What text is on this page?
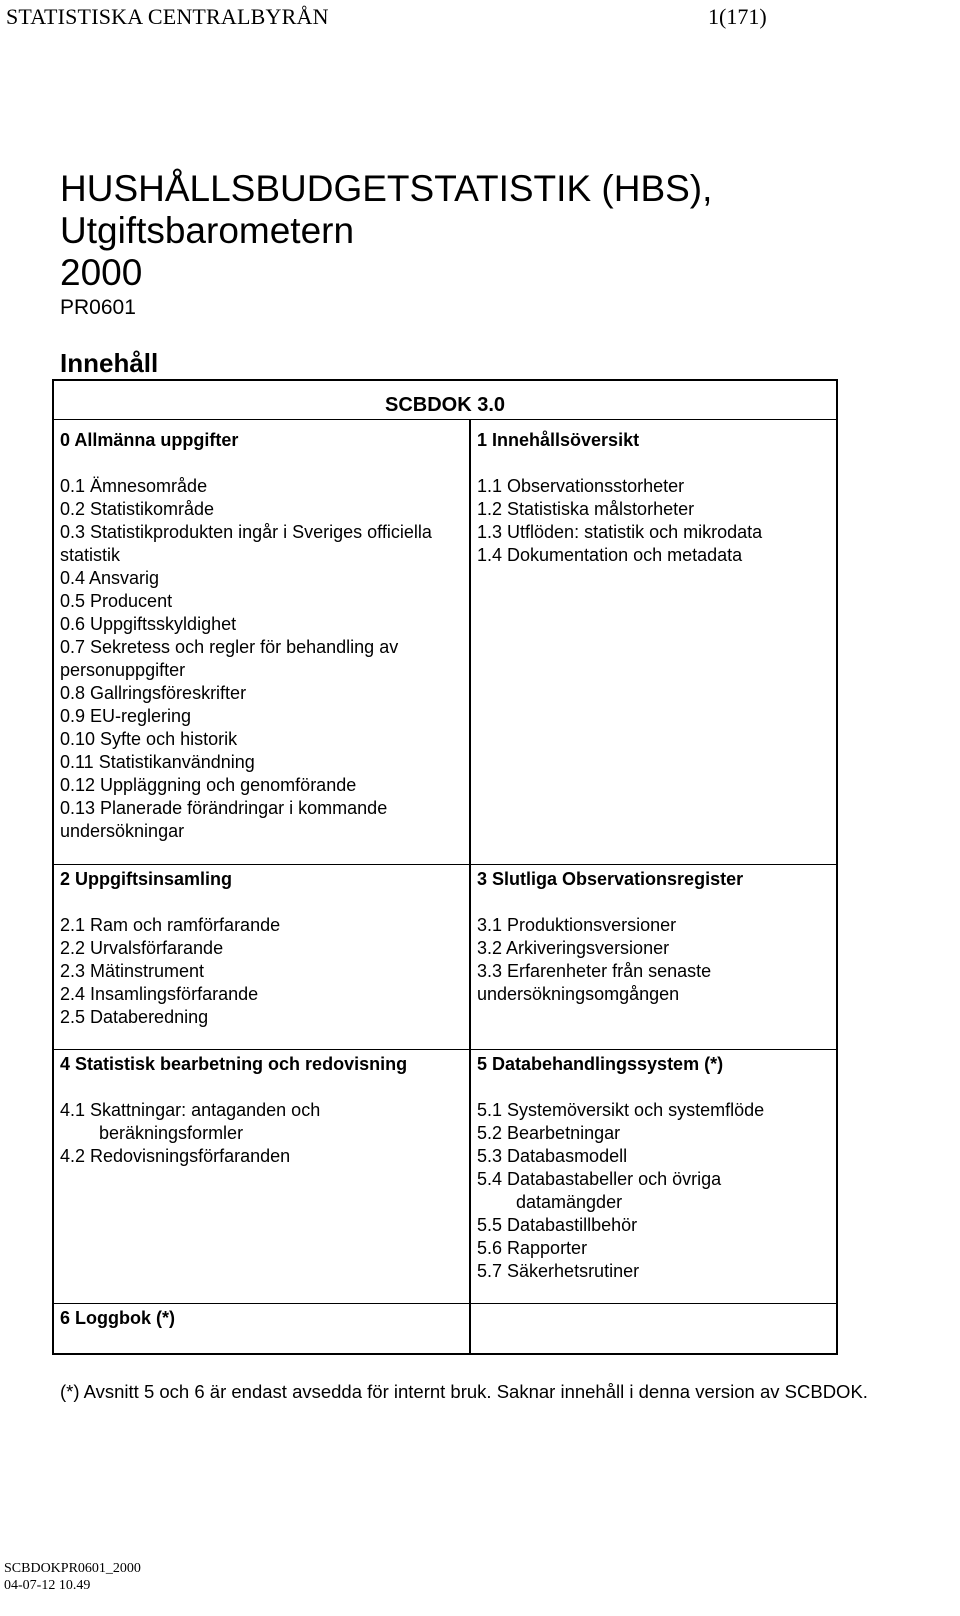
STATISTISKA CENTRALBYRÅN	1(171)
HUSHÅLLSBUDGETSTATISTIK (HBS),
Utgiftsbarometern
2000
PR0601
Innehåll
SCBDOK 3.0
0 Allmänna uppgifter
0.1 Ämnesområde
0.2 Statistikområde
0.3 Statistikprodukten ingår i Sveriges officiella statistik
0.4 Ansvarig
0.5 Producent
0.6 Uppgiftsskyldighet
0.7 Sekretess och regler för behandling av personuppgifter
0.8 Gallringsföreskrifter
0.9 EU-reglering
0.10 Syfte och historik
0.11 Statistikanvändning
0.12 Uppläggning och genomförande
0.13 Planerade förändringar i kommande undersökningar
1 Innehållsöversikt
1.1 Observationsstorheter
1.2 Statistiska målstorheter
1.3 Utflöden: statistik och mikrodata
1.4 Dokumentation och metadata
2 Uppgiftsinsamling
2.1 Ram och ramförfarande
2.2 Urvalsförfarande
2.3 Mätinstrument
2.4 Insamlingsförfarande
2.5 Databeredning
3 Slutliga Observationsregister
3.1 Produktionsversioner
3.2 Arkiveringsversioner
3.3 Erfarenheter från senaste undersökningsomgången
4 Statistisk bearbetning och redovisning
4.1 Skattningar: antaganden och beräkningsformler
4.2 Redovisningsförfaranden
5 Databehandlingssystem (*)
5.1 Systemöversikt och systemflöde
5.2 Bearbetningar
5.3 Databasmodell
5.4 Databastabeller och övriga datamängder
5.5 Databastillbehör
5.6 Rapporter
5.7 Säkerhetsrutiner
6 Loggbok (*)
(*) Avsnitt 5 och 6 är endast avsedda för internt bruk. Saknar innehåll i denna version av SCBDOK.
SCBDOKPR0601_2000
04-07-12 10.49
